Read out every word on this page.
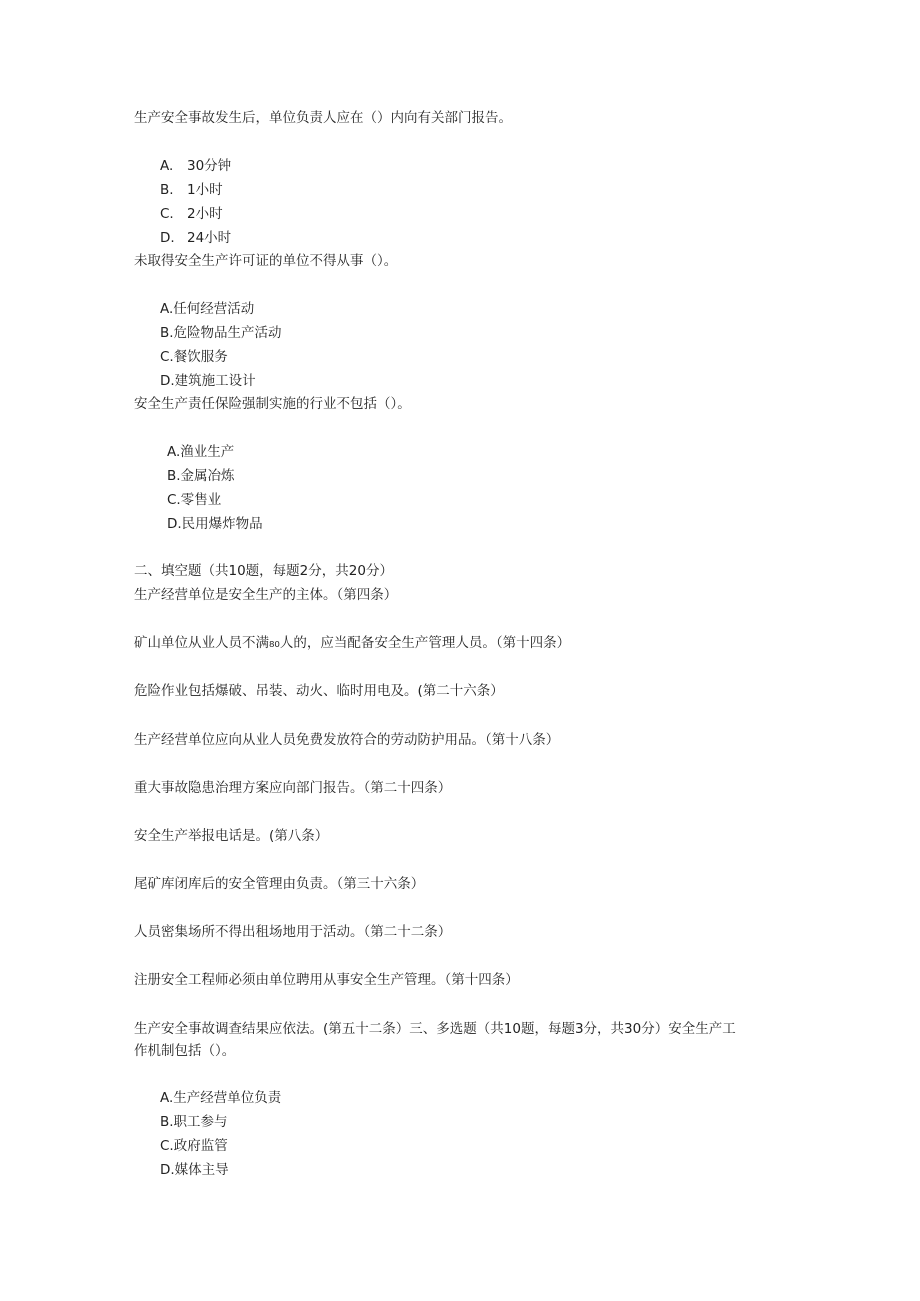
生产安全事故发生后，单位负责人应在（）内向有关部门报告。
A. 30分钟
B. 1小时
C. 2小时
D. 24小时
未取得安全生产许可证的单位不得从事（）。
A.任何经营活动
B.危险物品生产活动
C.餐饮服务
D.建筑施工设计
安全生产责任保险强制实施的行业不包括（）。
A.渔业生产
B.金属冶炼
C.零售业
D.民用爆炸物品
二、填空题（共10题，每题2分，共20分）
生产经营单位是安全生产的主体。（第四条）
矿山单位从业人员不满₈₀人的，应当配备安全生产管理人员。（第十四条）
危险作业包括爆破、吊装、动火、临时用电及。(第二十六条）
生产经营单位应向从业人员免费发放符合的劳动防护用品。（第十八条）
重大事故隐患治理方案应向部门报告。（第二十四条）
安全生产举报电话是。(第八条）
尾矿库闭库后的安全管理由负责。（第三十六条）
人员密集场所不得出租场地用于活动。（第二十二条）
注册安全工程师必须由单位聘用从事安全生产管理。（第十四条）
生产安全事故调查结果应依法。(第五十二条）三、多选题（共10题，每题3分，共30分）安全生产工
作机制包括（）。
A.生产经营单位负责
B.职工参与
C.政府监管
D.媒体主导
